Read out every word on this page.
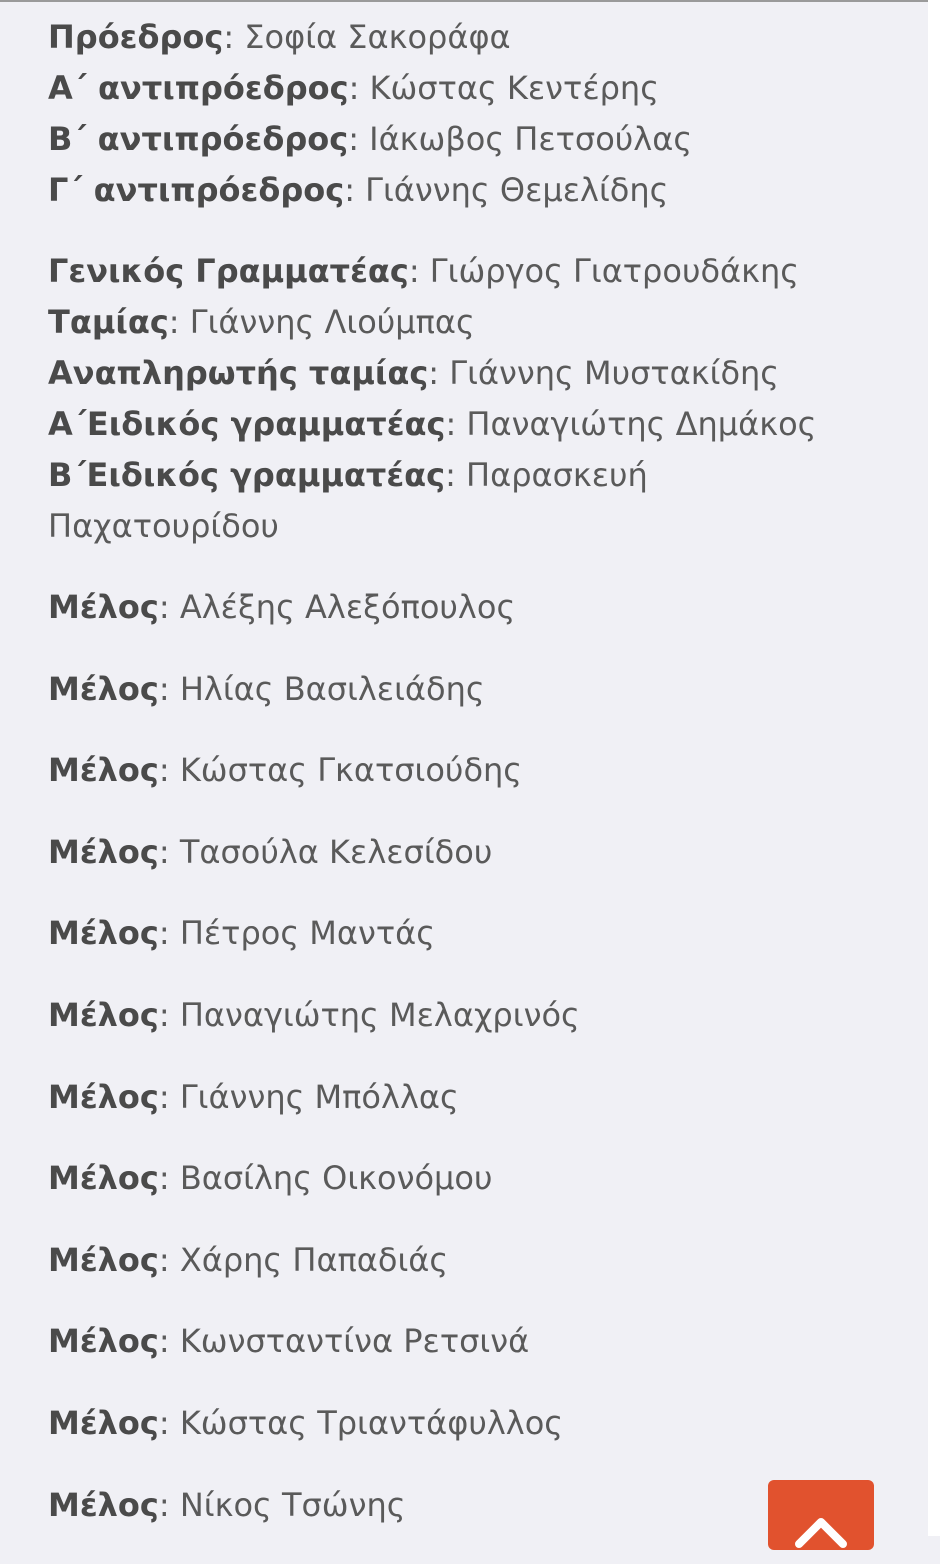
Πρόεδρος: Σοφία Σακοράφα
Α΄ αντιπρόεδρος: Κώστας Κεντέρης
Β΄ αντιπρόεδρος: Ιάκωβος Πετσούλας
Γ΄ αντιπρόεδρος: Γιάννης Θεμελίδης
Γενικός Γραμματέας: Γιώργος Γιατρουδάκης
Ταμίας: Γιάννης Λιούμπας
Αναπληρωτής ταμίας: Γιάννης Μυστακίδης
Α΄Ειδικός γραμματέας: Παναγιώτης Δημάκος
Β΄Ειδικός γραμματέας: Παρασκευή Παχατουρίδου
Μέλος: Αλέξης Αλεξόπουλος
Μέλος: Ηλίας Βασιλειάδης
Μέλος: Κώστας Γκατσιούδης
Μέλος: Τασούλα Κελεσίδου
Μέλος: Πέτρος Μαντάς
Μέλος: Παναγιώτης Μελαχρινός
Μέλος: Γιάννης Μπόλλας
Μέλος: Βασίλης Οικονόμου
Μέλος: Χάρης Παπαδιάς
Μέλος: Κωνσταντίνα Ρετσινά
Μέλος: Κώστας Τριαντάφυλλος
Μέλος: Νίκος Τσώνης
